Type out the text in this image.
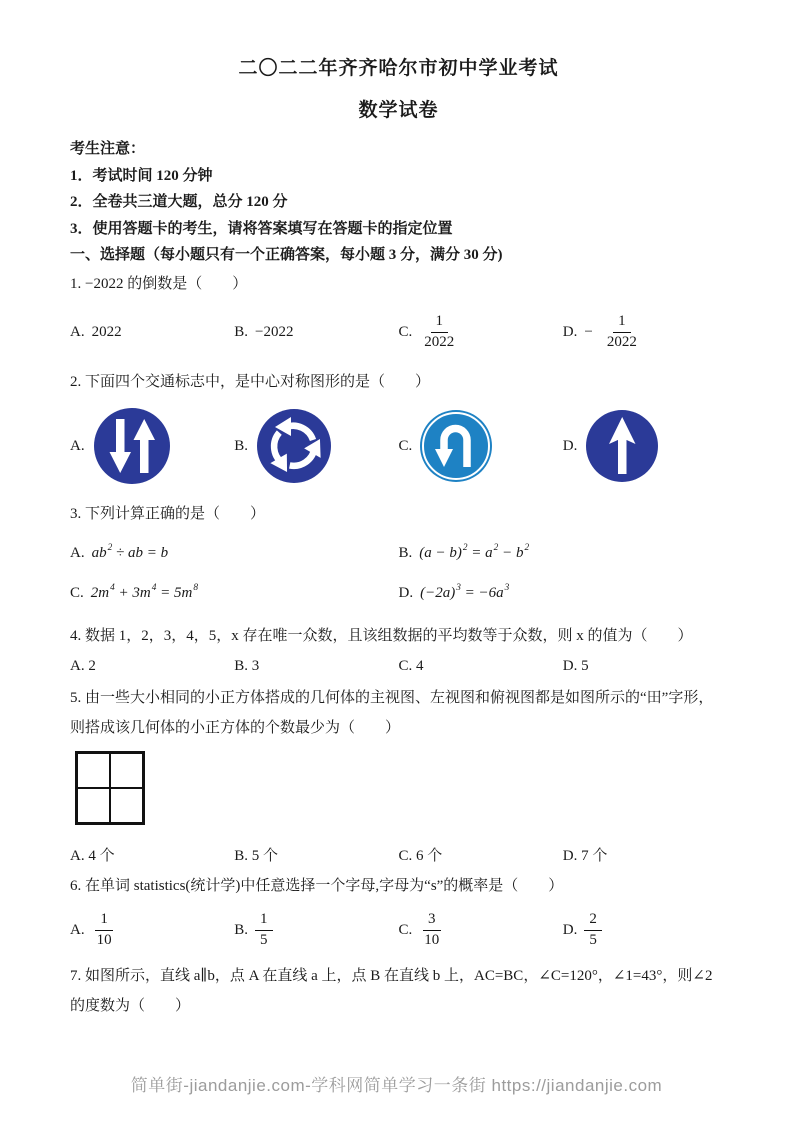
二〇二二年齐齐哈尔市初中学业考试
数学试卷
考生注意：
1．考试时间 120 分钟
2．全卷共三道大题，总分 120 分
3．使用答题卡的考生，请将答案填写在答题卡的指定位置
一、选择题（每小题只有一个正确答案，每小题 3 分，满分 30 分)
1. −2022 的倒数是（　　）
A. 2022	B. −2022	C. $\frac{1}{2022}$	D. − $\frac{1}{2022}$
2. 下面四个交通标志中，是中心对称图形的是（　　）
A.	B.	C.	D.
3. 下列计算正确的是（　　）
A. $ab^2$ ÷ ab = b	B. $(a - b)^2 = a^2 - b^2$
C. $2m^4 + 3m^4 = 5m^8$	D. $(-2a)^3 = -6a^3$
4. 数据 1，2，3，4，5，x 存在唯一众数，且该组数据的平均数等于众数，则 x 的值为（　　）
A. 2	B. 3	C. 4	D. 5
5. 由一些大小相同的小正方体搭成的几何体的主视图、左视图和俯视图都是如图所示的“田”字形，则搭成该几何体的小正方体的个数最少为（　　）
A. 4 个	B. 5 个	C. 6 个	D. 7 个
6. 在单词 statistics(统计学)中任意选择一个字母,字母为“s”的概率是（　　）
A. $\frac{1}{10}$	B. $\frac{1}{5}$	C. $\frac{3}{10}$	D. $\frac{2}{5}$
7. 如图所示，直线 a∥b，点 A 在直线 a 上，点 B 在直线 b 上，AC=BC，∠C=120°，∠1=43°，则∠2 的度数为（　　）
简单街-jiandanjie.com-学科网简单学习一条街 https://jiandanjie.com
